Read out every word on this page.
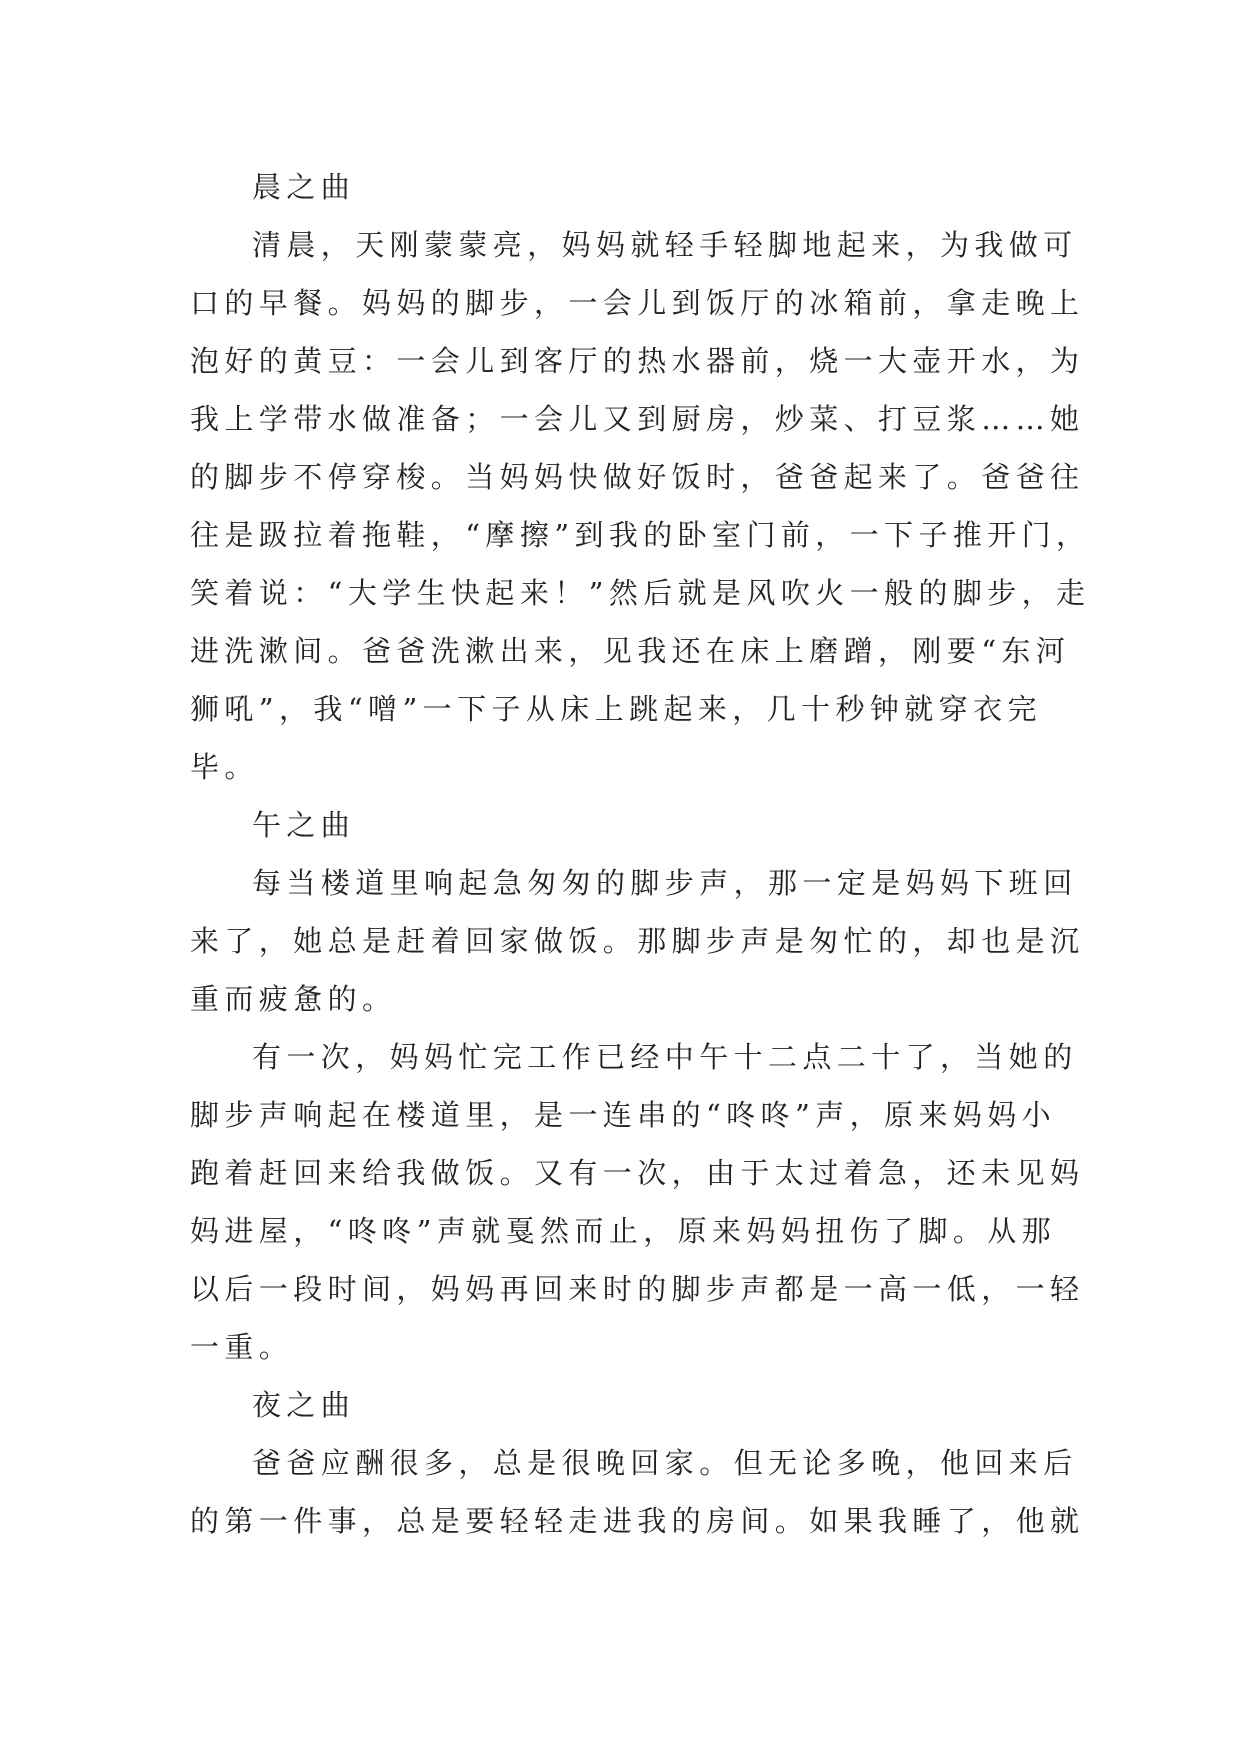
晨之曲
清晨，天刚蒙蒙亮，妈妈就轻手轻脚地起来，为我做可
口的早餐。妈妈的脚步，一会儿到饭厅的冰箱前，拿走晚上
泡好的黄豆：一会儿到客厅的热水器前，烧一大壶开水，为
我上学带水做准备；一会儿又到厨房，炒菜、打豆浆……她
的脚步不停穿梭。当妈妈快做好饭时，爸爸起来了。爸爸往
往是趿拉着拖鞋，“摩擦”到我的卧室门前，一下子推开门，
笑着说：“大学生快起来！”然后就是风吹火一般的脚步，走
进洗漱间。爸爸洗漱出来，见我还在床上磨蹭，刚要“东河
狮吼”，我“噌”一下子从床上跳起来，几十秒钟就穿衣完
毕。
午之曲
每当楼道里响起急匆匆的脚步声，那一定是妈妈下班回
来了，她总是赶着回家做饭。那脚步声是匆忙的，却也是沉
重而疲惫的。
有一次，妈妈忙完工作已经中午十二点二十了，当她的
脚步声响起在楼道里，是一连串的“咚咚”声，原来妈妈小
跑着赶回来给我做饭。又有一次，由于太过着急，还未见妈
妈进屋，“咚咚”声就戛然而止，原来妈妈扭伤了脚。从那
以后一段时间，妈妈再回来时的脚步声都是一高一低，一轻
一重。
夜之曲
爸爸应酬很多，总是很晚回家。但无论多晚，他回来后
的第一件事，总是要轻轻走进我的房间。如果我睡了，他就
